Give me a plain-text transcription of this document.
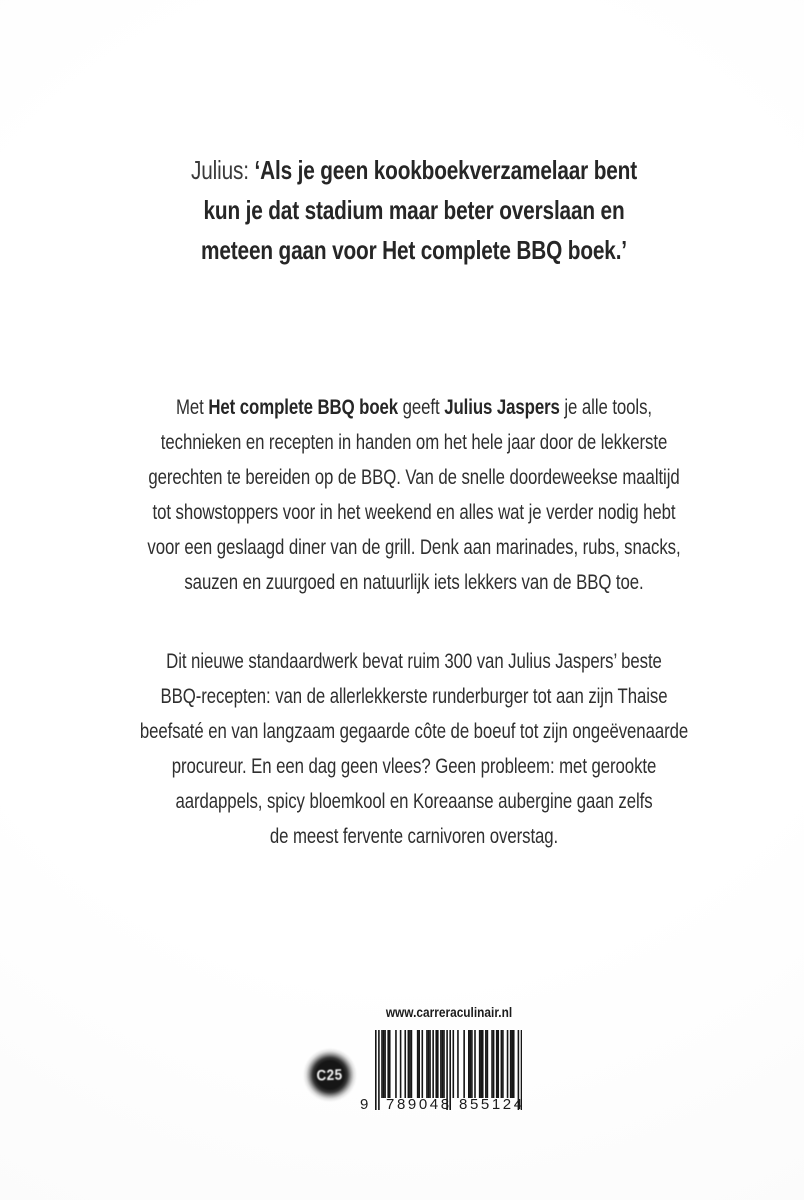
Julius: ‘Als je geen kookboekverzamelaar bent
kun je dat stadium maar beter overslaan en
meteen gaan voor Het complete BBQ boek.’
Met Het complete BBQ boek geeft Julius Jaspers je alle tools,
technieken en recepten in handen om het hele jaar door de lekkerste
gerechten te bereiden op de BBQ. Van de snelle doordeweekse maaltijd
tot showstoppers voor in het weekend en alles wat je verder nodig hebt
voor een geslaagd diner van de grill. Denk aan marinades, rubs, snacks,
sauzen en zuurgoed en natuurlijk iets lekkers van de BBQ toe.
Dit nieuwe standaardwerk bevat ruim 300 van Julius Jaspers’ beste
BBQ-recepten: van de allerlekkerste runderburger tot aan zijn Thaise
beefsaté en van langzaam gegaarde côte de boeuf tot zijn ongeëvenaarde
procureur. En een dag geen vlees? Geen probleem: met gerookte
aardappels, spicy bloemkool en Koreaanse aubergine gaan zelfs
de meest fervente carnivoren overstag.
www.carreraculinair.nl
C25
9 789048 855124
